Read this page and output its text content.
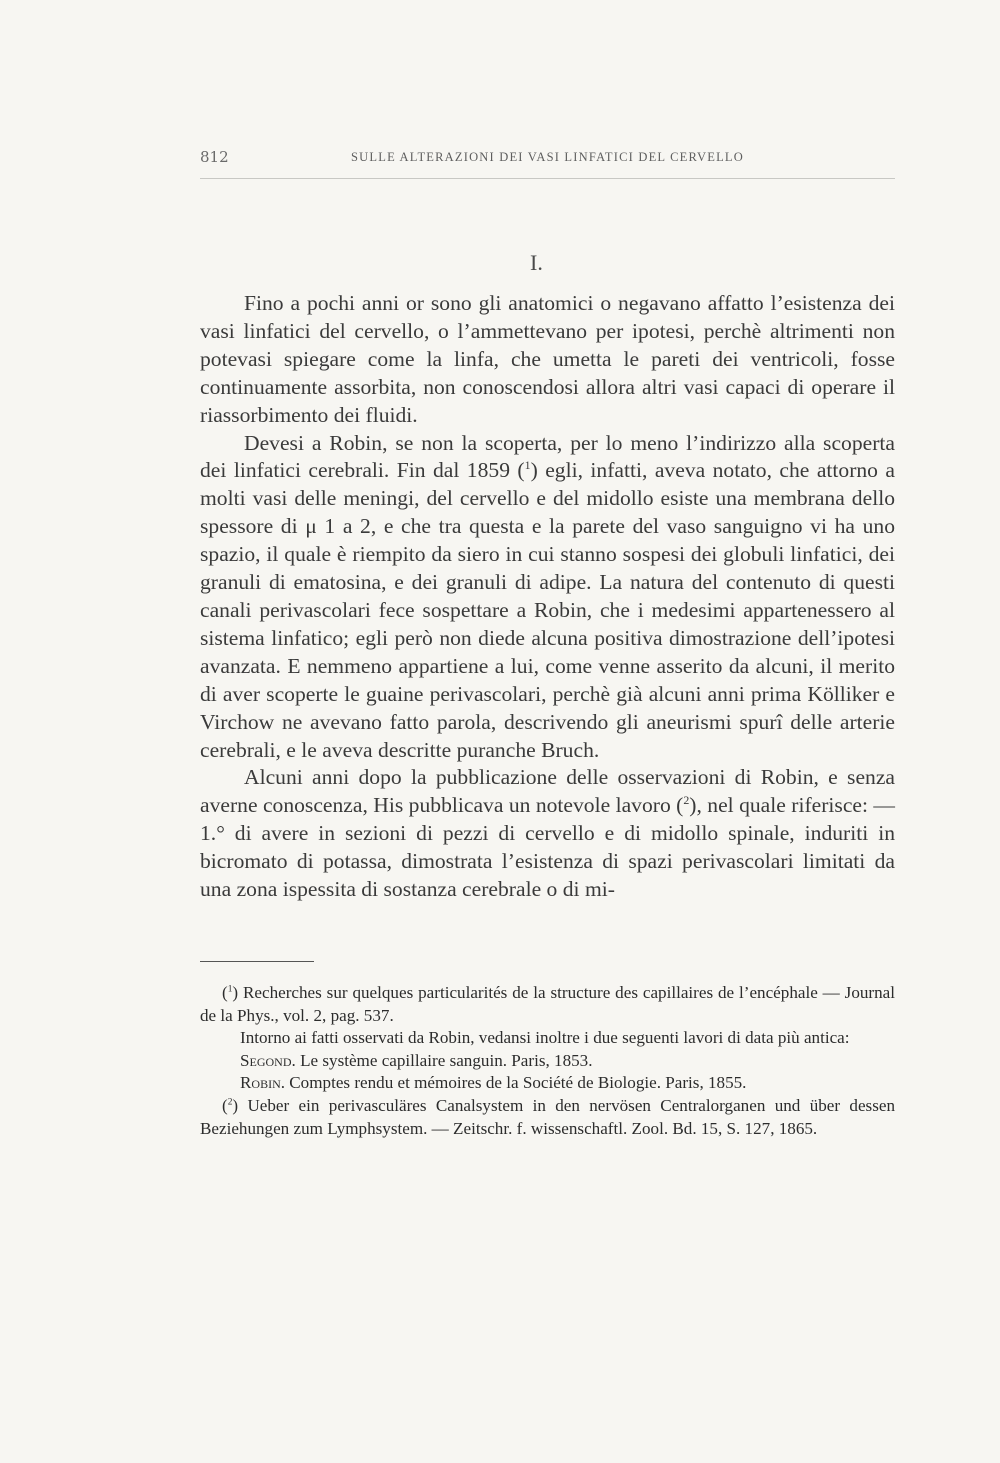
812	SULLE ALTERAZIONI DEI VASI LINFATICI DEL CERVELLO
I.

Fino a pochi anni or sono gli anatomici o negavano affatto l’esistenza dei vasi linfatici del cervello, o l’ammettevano per ipotesi, perchè altrimenti non potevasi spiegare come la linfa, che umetta le pareti dei ventricoli, fosse continuamente assorbita, non conoscendosi allora altri vasi capaci di operare il riassorbimento dei fluidi.

Devesi a Robin, se non la scoperta, per lo meno l’indirizzo alla scoperta dei linfatici cerebrali. Fin dal 1859 ($^1$) egli, infatti, aveva notato, che attorno a molti vasi delle meningi, del cervello e del midollo esiste una membrana dello spessore di μ 1 a 2, e che tra questa e la parete del vaso sanguigno vi ha uno spazio, il quale è riempito da siero in cui stanno sospesi dei globuli linfatici, dei granuli di ematosina, e dei granuli di adipe. La natura del contenuto di questi canali perivascolari fece sospettare a Robin, che i medesimi appartenessero al sistema linfatico; egli però non diede alcuna positiva dimostrazione dell’ipotesi avanzata. E nemmeno appartiene a lui, come venne asserito da alcuni, il merito di aver scoperte le guaine perivascolari, perchè già alcuni anni prima Kölliker e Virchow ne avevano fatto parola, descrivendo gli aneurismi spurî delle arterie cerebrali, e le aveva descritte puranche Bruch.

Alcuni anni dopo la pubblicazione delle osservazioni di Robin, e senza averne conoscenza, His pubblicava un notevole lavoro ($^2$), nel quale riferisce: — 1.° di avere in sezioni di pezzi di cervello e di midollo spinale, induriti in bicromato di potassa, dimostrata l’esistenza di spazi perivascolari limitati da una zona ispessita di sostanza cerebrale o di mi-

($^1$) Recherches sur quelques particularités de la structure des capillaires de l’encéphale — Journal de la Phys., vol. 2, pag. 537.

Intorno ai fatti osservati da Robin, vedansi inoltre i due seguenti lavori di data più antica:

Segond. Le système capillaire sanguin. Paris, 1853.

Robin. Comptes rendu et mémoires de la Société de Biologie. Paris, 1855.

($^2$) Ueber ein perivasculäres Canalsystem in den nervösen Centralorganen und über dessen Beziehungen zum Lymphsystem. — Zeitschr. f. wissenschaftl. Zool. Bd. 15, S. 127, 1865.
